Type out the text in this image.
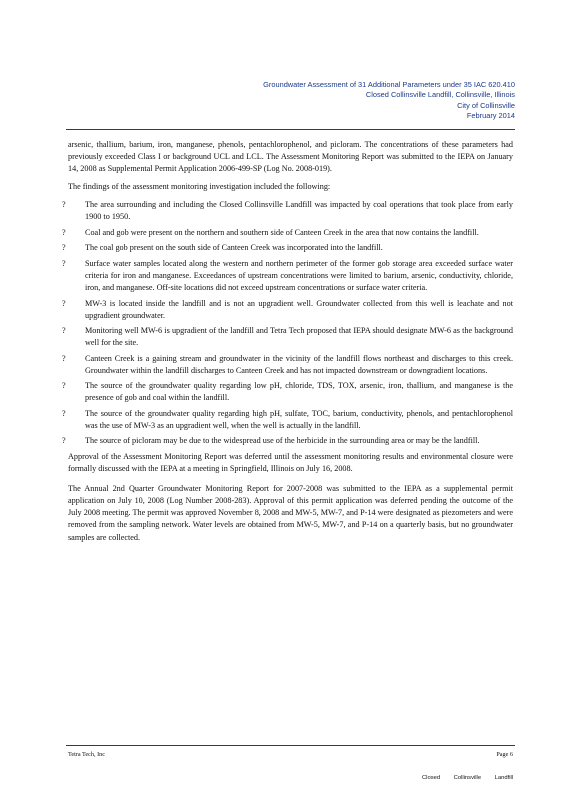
Groundwater Assessment of 31 Additional Parameters under 35 IAC 620.410
Closed Collinsville Landfill, Collinsville, Illinois
City of Collinsville
February 2014

arsenic, thallium, barium, iron, manganese, phenols, pentachlorophenol, and picloram. The concentrations of these parameters had previously exceeded Class I or background UCL and LCL. The Assessment Monitoring Report was submitted to the IEPA on January 14, 2008 as Supplemental Permit Application 2006-499-SP (Log No. 2008-019).

The findings of the assessment monitoring investigation included the following:

? The area surrounding and including the Closed Collinsville Landfill was impacted by coal operations that took place from early 1900 to 1950.
? Coal and gob were present on the northern and southern side of Canteen Creek in the area that now contains the landfill.
? The coal gob present on the south side of Canteen Creek was incorporated into the landfill.
? Surface water samples located along the western and northern perimeter of the former gob storage area exceeded surface water criteria for iron and manganese. Exceedances of upstream concentrations were limited to barium, arsenic, conductivity, chloride, iron, and manganese. Off-site locations did not exceed upstream concentrations or surface water criteria.
? MW-3 is located inside the landfill and is not an upgradient well. Groundwater collected from this well is leachate and not upgradient groundwater.
? Monitoring well MW-6 is upgradient of the landfill and Tetra Tech proposed that IEPA should designate MW-6 as the background well for the site.
? Canteen Creek is a gaining stream and groundwater in the vicinity of the landfill flows northeast and discharges to this creek. Groundwater within the landfill discharges to Canteen Creek and has not impacted downstream or downgradient locations.
? The source of the groundwater quality regarding low pH, chloride, TDS, TOX, arsenic, iron, thallium, and manganese is the presence of gob and coal within the landfill.
? The source of the groundwater quality regarding high pH, sulfate, TOC, barium, conductivity, phenols, and pentachlorophenol was the use of MW-3 as an upgradient well, when the well is actually in the landfill.
? The source of picloram may be due to the widespread use of the herbicide in the surrounding area or may be the landfill.

Approval of the Assessment Monitoring Report was deferred until the assessment monitoring results and environmental closure were formally discussed with the IEPA at a meeting in Springfield, Illinois on July 16, 2008.

The Annual 2nd Quarter Groundwater Monitoring Report for 2007-2008 was submitted to the IEPA as a supplemental permit application on July 10, 2008 (Log Number 2008-283). Approval of this permit application was deferred pending the outcome of the July 2008 meeting. The permit was approved November 8, 2008 and MW-5, MW-7, and P-14 were designated as piezometers and were removed from the sampling network. Water levels are obtained from MW-5, MW-7, and P-14 on a quarterly basis, but no groundwater samples are collected.

Tetra Tech, Inc	Page 6
Closed Collinsville Landfill
